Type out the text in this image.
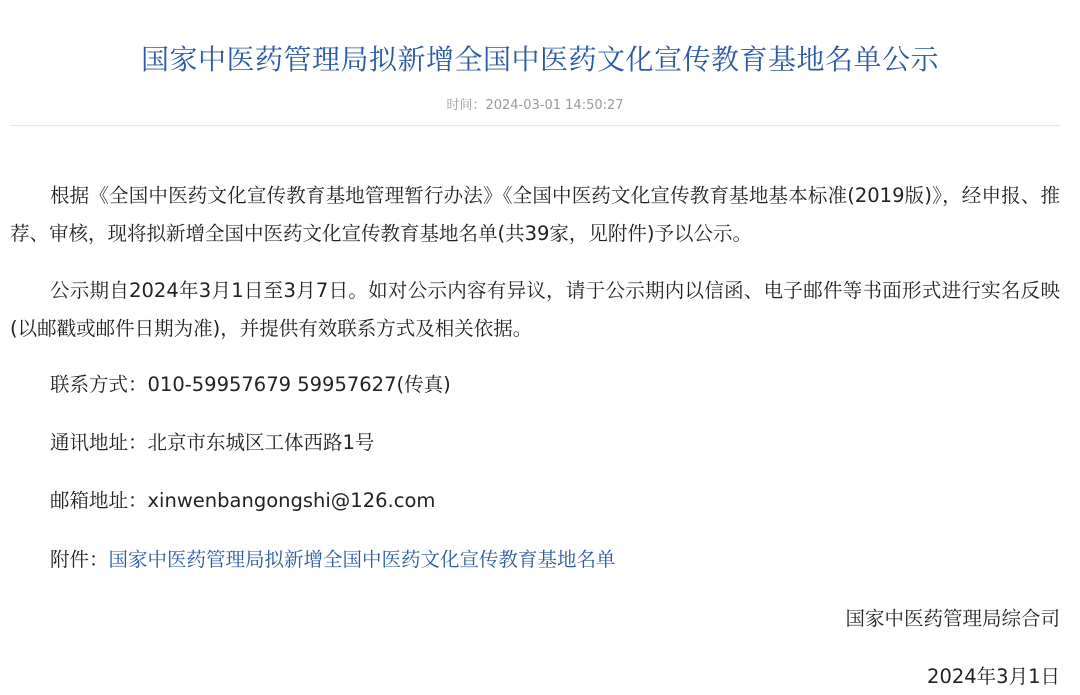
国家中医药管理局拟新增全国中医药文化宣传教育基地名单公示
时间：2024-03-01 14:50:27

根据《全国中医药文化宣传教育基地管理暂行办法》《全国中医药文化宣传教育基地基本标准(2019版)》，经申报、推荐、审核，现将拟新增全国中医药文化宣传教育基地名单(共39家，见附件)予以公示。

公示期自2024年3月1日至3月7日。如对公示内容有异议，请于公示期内以信函、电子邮件等书面形式进行实名反映(以邮戳或邮件日期为准)，并提供有效联系方式及相关依据。

联系方式：010-59957679 59957627(传真)
通讯地址：北京市东城区工体西路1号
邮箱地址：xinwenbangongshi@126.com
附件：国家中医药管理局拟新增全国中医药文化宣传教育基地名单
国家中医药管理局综合司
2024年3月1日
